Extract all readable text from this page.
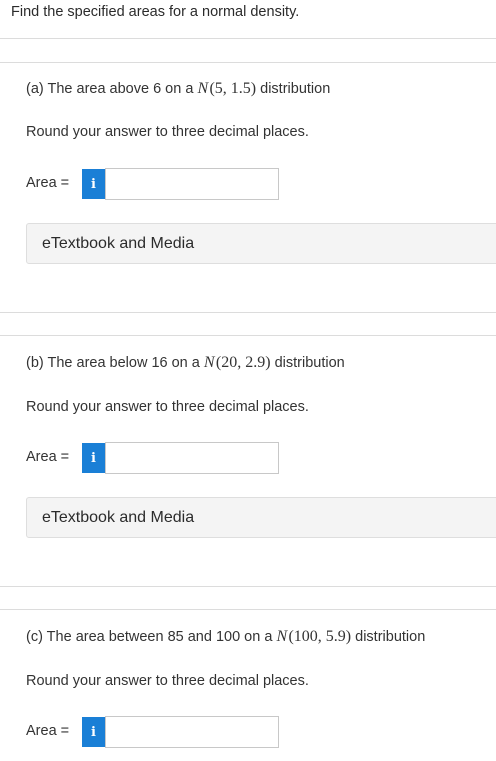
Find the specified areas for a normal density.
(a) The area above 6 on a N (5, 1.5) distribution
Round your answer to three decimal places.
Area =	i
eTextbook and Media
(b) The area below 16 on a N (20, 2.9) distribution
Round your answer to three decimal places.
Area =	i
eTextbook and Media
(c) The area between 85 and 100 on a N (100, 5.9) distribution
Round your answer to three decimal places.
Area =	i
